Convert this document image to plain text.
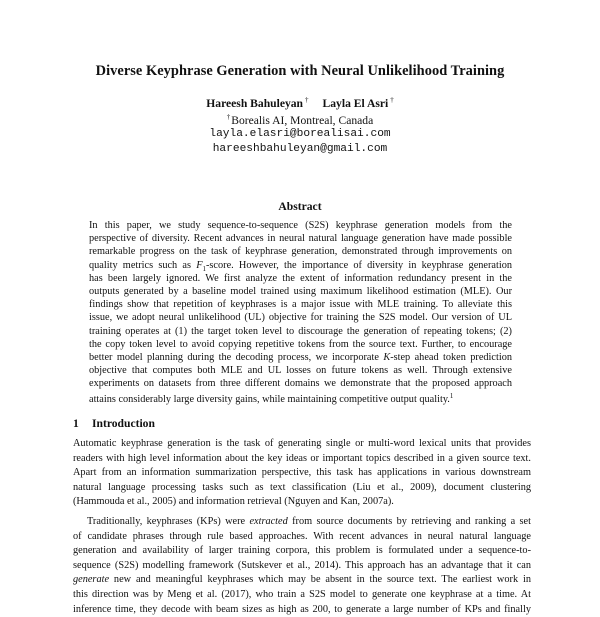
Diverse Keyphrase Generation with Neural Unlikelihood Training
Hareesh Bahuleyan † Layla El Asri †
†Borealis AI, Montreal, Canada
layla.elasri@borealisai.com
hareeshbahuleyan@gmail.com
Abstract
In this paper, we study sequence-to-sequence (S2S) keyphrase generation models from the
perspective of diversity. Recent advances in neural natural language generation have made possible
remarkable progress on the task of keyphrase generation, demonstrated through improvements on
quality metrics such as $F_1$-score. However, the importance of diversity in keyphrase generation
has been largely ignored. We first analyze the extent of information redundancy present in the
outputs generated by a baseline model trained using maximum likelihood estimation (MLE). Our
findings show that repetition of keyphrases is a major issue with MLE training. To alleviate this
issue, we adopt neural unlikelihood (UL) objective for training the S2S model. Our version of UL
training operates at (1) the target token level to discourage the generation of repeating tokens; (2)
the copy token level to avoid copying repetitive tokens from the source text. Further, to encourage
better model planning during the decoding process, we incorporate K-step ahead token prediction
objective that computes both MLE and UL losses on future tokens as well. Through extensive
experiments on datasets from three different domains we demonstrate that the proposed approach
attains considerably large diversity gains, while maintaining competitive output quality.$^1$
1 Introduction
Automatic keyphrase generation is the task of generating single or multi-word lexical units that provides
readers with high level information about the key ideas or important topics described in a given source text.
Apart from an information summarization perspective, this task has applications in various downstream
natural language processing tasks such as text classification (Liu et al., 2009), document clustering
(Hammouda et al., 2005) and information retrieval (Nguyen and Kan, 2007a).
Traditionally, keyphrases (KPs) were extracted from source documents by retrieving and ranking a set
of candidate phrases through rule based approaches. With recent advances in neural natural language
generation and availability of larger training corpora, this problem is formulated under a sequence-to-
sequence (S2S) modelling framework (Sutskever et al., 2014). This approach has an advantage that it can
generate new and meaningful keyphrases which may be absent in the source text. The earliest work in
this direction was by Meng et al. (2017), who train a S2S model to generate one keyphrase at a time. At
inference time, they decode with beam sizes as high as 200, to generate a large number of KPs and finally
